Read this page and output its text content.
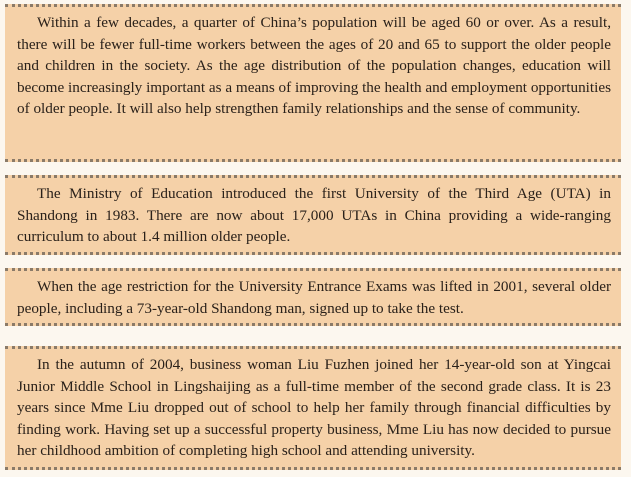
Within a few decades, a quarter of China’s population will be aged 60 or over. As a result, there will be fewer full-time workers between the ages of 20 and 65 to support the older people and children in the society. As the age distribution of the population changes, education will become increasingly important as a means of improving the health and employment opportunities of older people. It will also help strengthen family relationships and the sense of community.

The Ministry of Education introduced the first University of the Third Age (UTA) in Shandong in 1983. There are now about 17,000 UTAs in China providing a wide-ranging curriculum to about 1.4 million older people.

When the age restriction for the University Entrance Exams was lifted in 2001, several older people, including a 73-year-old Shandong man, signed up to take the test.

In the autumn of 2004, business woman Liu Fuzhen joined her 14-year-old son at Yingcai Junior Middle School in Lingshaijing as a full-time member of the second grade class. It is 23 years since Mme Liu dropped out of school to help her family through financial difficulties by finding work. Having set up a successful property business, Mme Liu has now decided to pursue her childhood ambition of completing high school and attending university.
